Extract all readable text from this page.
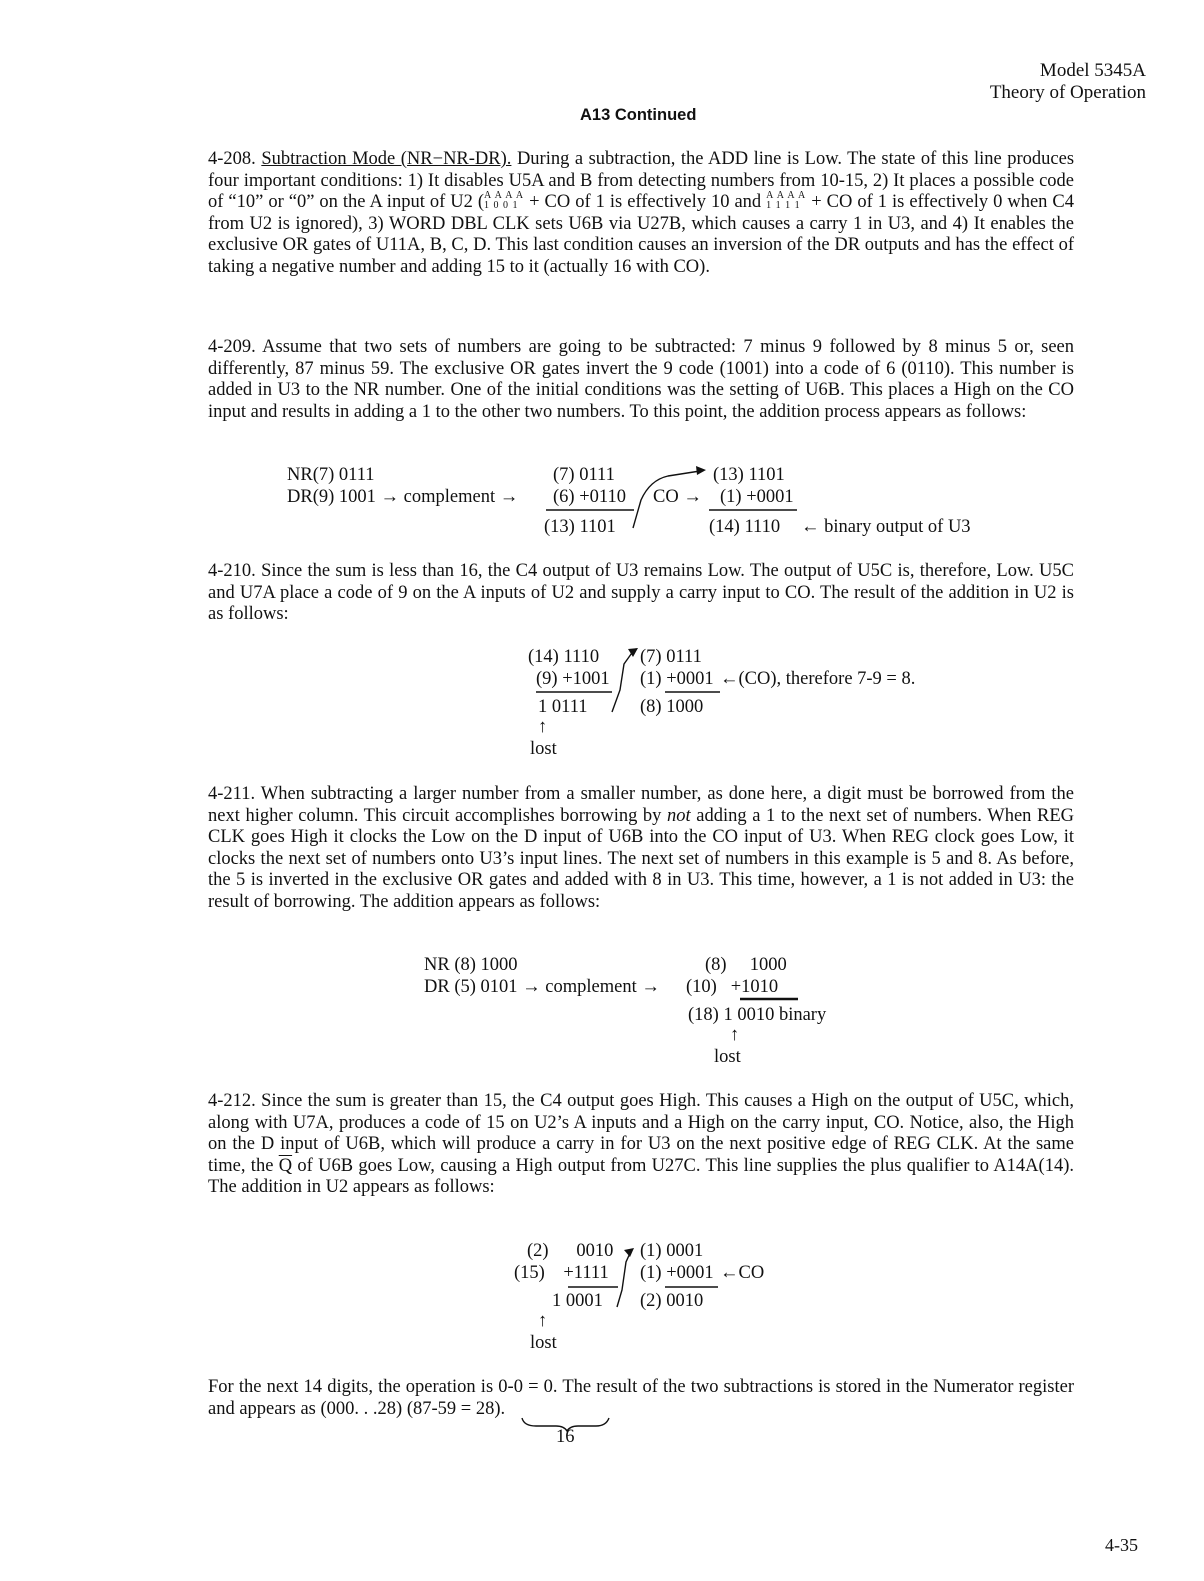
Model 5345A
Theory of Operation
A13 Continued
4-208. Subtraction Mode (NR−NR-DR). During a subtraction, the ADD line is Low. The state of this line produces four important conditions: 1) It disables U5A and B from detecting numbers from 10-15, 2) It places a possible code of “10” or “0” on the A input of U2 ( A A A A
1 0 0 1 + CO of 1 is effectively 10 and A A A A
1 1 1 1 + CO of 1 is effectively 0 when C4 from U2 is ignored), 3) WORD DBL CLK sets U6B via U27B, which causes a carry 1 in U3, and 4) It enables the exclusive OR gates of U11A, B, C, D. This last condition causes an inversion of the DR outputs and has the effect of taking a negative number and adding 15 to it (actually 16 with CO).
4-209. Assume that two sets of numbers are going to be subtracted: 7 minus 9 followed by 8 minus 5 or, seen differently, 87 minus 59. The exclusive OR gates invert the 9 code (1001) into a code of 6 (0110). This number is added in U3 to the NR number. One of the initial conditions was the setting of U6B. This places a High on the CO input and results in adding a 1 to the other two numbers. To this point, the addition process appears as follows:
NR(7) 0111
DR(9) 1001 → complement →
(7) 0111
(6) +0110
(13) 1101
CO →
(13) 1101
(1) +0001
(14) 1110 ← binary output of U3
4-210. Since the sum is less than 16, the C4 output of U3 remains Low. The output of U5C is, therefore, Low. U5C and U7A place a code of 9 on the A inputs of U2 and supply a carry input to CO. The result of the addition in U2 is as follows:
(14) 1110
(9) +1001
1 0111
↑
lost
(7) 0111
(1) +0001 ←(CO), therefore 7-9 = 8.
(8) 1000
4-211. When subtracting a larger number from a smaller number, as done here, a digit must be borrowed from the next higher column. This circuit accomplishes borrowing by not adding a 1 to the next set of numbers. When REG CLK goes High it clocks the Low on the D input of U6B into the CO input of U3. When REG clock goes Low, it clocks the next set of numbers onto U3’s input lines. The next set of numbers in this example is 5 and 8. As before, the 5 is inverted in the exclusive OR gates and added with 8 in U3. This time, however, a 1 is not added in U3: the result of borrowing. The addition appears as follows:
NR (8) 1000
DR (5) 0101 → complement →
(8)     1000
(10)   +1010
(18) 1 0010 binary
↑
lost
4-212. Since the sum is greater than 15, the C4 output goes High. This causes a High on the output of U5C, which, along with U7A, produces a code of 15 on U2’s A inputs and a High on the carry input, CO. Notice, also, the High on the D input of U6B, which will produce a carry in for U3 on the next positive edge of REG CLK. At the same time, the $\overline{Q}$ of U6B goes Low, causing a High output from U27C. This line supplies the plus qualifier to A14A(14). The addition in U2 appears as follows:
(2)      0010
(15)    +1111
1 0001
↑
lost
(1) 0001
(1) +0001 ←CO
(2) 0010
For the next 14 digits, the operation is 0-0 = 0. The result of the two subtractions is stored in the Numerator register and appears as (000. . .28) (87-59 = 28).
16
4-35
